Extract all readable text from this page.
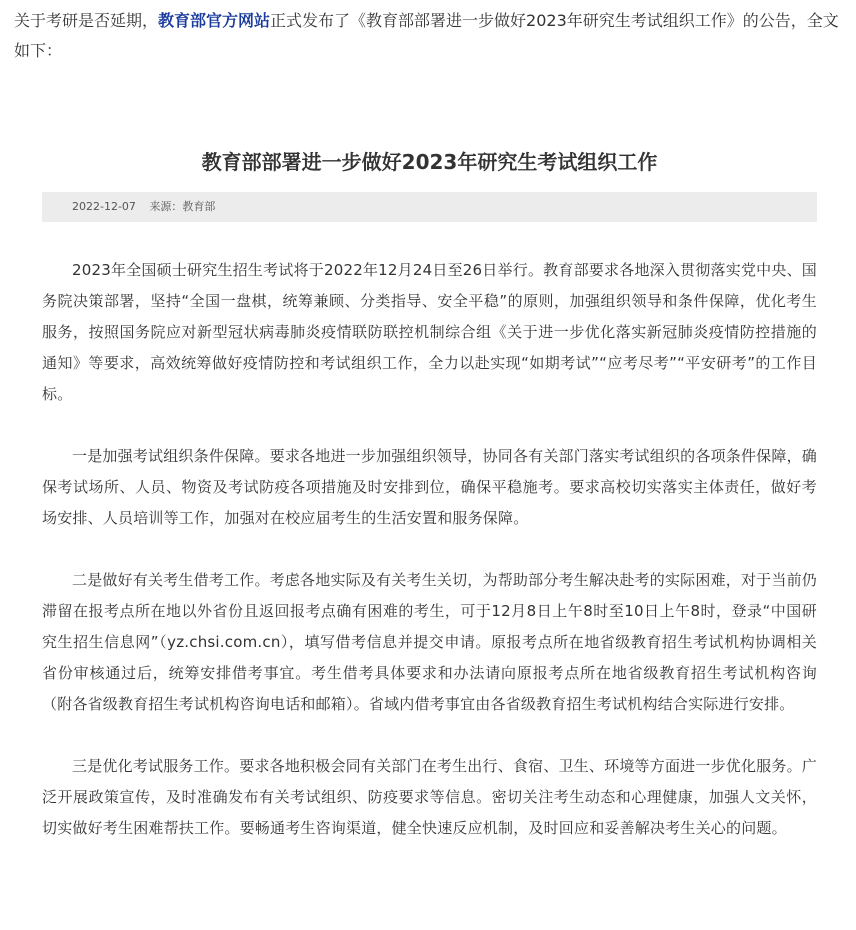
关于考研是否延期，教育部官方网站正式发布了《教育部部署进一步做好2023年研究生考试组织工作》的公告，全文如下：
教育部部署进一步做好2023年研究生考试组织工作
2022-12-07 来源：教育部

2023年全国硕士研究生招生考试将于2022年12月24日至26日举行。教育部要求各地深入贯彻落实党中央、国务院决策部署，坚持“全国一盘棋，统筹兼顾、分类指导、安全平稳”的原则，加强组织领导和条件保障，优化考生服务，按照国务院应对新型冠状病毒肺炎疫情联防联控机制综合组《关于进一步优化落实新冠肺炎疫情防控措施的通知》等要求，高效统筹做好疫情防控和考试组织工作，全力以赴实现“如期考试”“应考尽考”“平安研考”的工作目标。

一是加强考试组织条件保障。要求各地进一步加强组织领导，协同各有关部门落实考试组织的各项条件保障，确保考试场所、人员、物资及考试防疫各项措施及时安排到位，确保平稳施考。要求高校切实落实主体责任，做好考场安排、人员培训等工作，加强对在校应届考生的生活安置和服务保障。

二是做好有关考生借考工作。考虑各地实际及有关考生关切，为帮助部分考生解决赴考的实际困难，对于当前仍滞留在报考点所在地以外省份且返回报考点确有困难的考生，可于12月8日上午8时至10日上午8时，登录“中国研究生招生信息网”（yz.chsi.com.cn），填写借考信息并提交申请。原报考点所在地省级教育招生考试机构协调相关省份审核通过后，统筹安排借考事宜。考生借考具体要求和办法请向原报考点所在地省级教育招生考试机构咨询（附各省级教育招生考试机构咨询电话和邮箱）。省域内借考事宜由各省级教育招生考试机构结合实际进行安排。

三是优化考试服务工作。要求各地积极会同有关部门在考生出行、食宿、卫生、环境等方面进一步优化服务。广泛开展政策宣传，及时准确发布有关考试组织、防疫要求等信息。密切关注考生动态和心理健康，加强人文关怀，切实做好考生困难帮扶工作。要畅通考生咨询渠道，健全快速反应机制，及时回应和妥善解决考生关心的问题。
